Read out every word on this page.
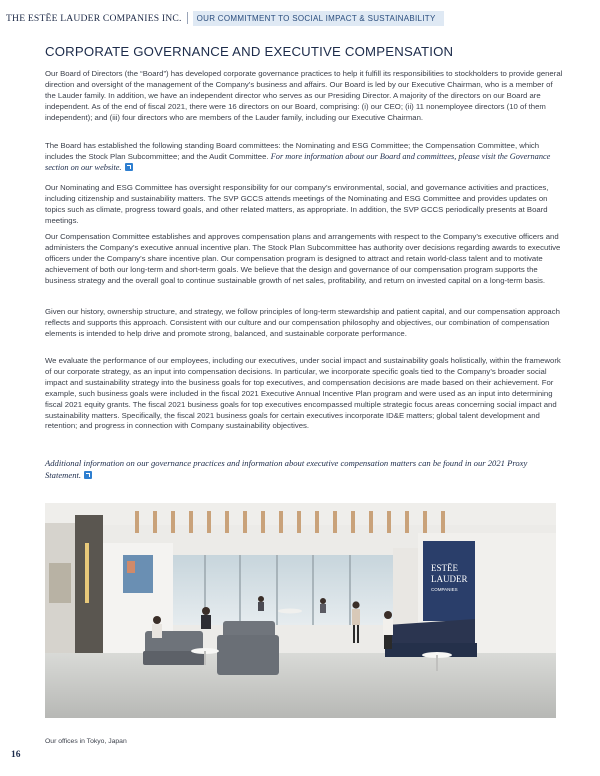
THE ESTĒE LAUDER COMPANIES INC.	OUR COMMITMENT TO SOCIAL IMPACT & SUSTAINABILITY
CORPORATE GOVERNANCE AND EXECUTIVE COMPENSATION

Our Board of Directors (the “Board”) has developed corporate governance practices to help it fulfill its responsibilities to stockholders to provide general direction and oversight of the management of the Company’s business and affairs. Our Board is led by our Executive Chairman, who is a member of the Lauder family. In addition, we have an independent director who serves as our Presiding Director. A majority of the directors on our Board are independent. As of the end of fiscal 2021, there were 16 directors on our Board, comprising: (i) our CEO; (ii) 11 nonemployee directors (10 of them independent); and (iii) four directors who are members of the Lauder family, including our Executive Chairman.

The Board has established the following standing Board committees: the Nominating and ESG Committee; the Compensation Committee, which includes the Stock Plan Subcommittee; and the Audit Committee. For more information about our Board and committees, please visit the Governance section on our website.

Our Nominating and ESG Committee has oversight responsibility for our company’s environmental, social, and governance activities and practices, including citizenship and sustainability matters. The SVP GCCS attends meetings of the Nominating and ESG Committee and provides updates on topics such as climate, progress toward goals, and other related matters, as appropriate. In addition, the SVP GCCS periodically presents at Board meetings.

Our Compensation Committee establishes and approves compensation plans and arrangements with respect to the Company’s executive officers and administers the Company’s executive annual incentive plan. The Stock Plan Subcommittee has authority over decisions regarding awards to executive officers under the Company’s share incentive plan. Our compensation program is designed to attract and retain world-class talent and to motivate achievement of both our long-term and short-term goals. We believe that the design and governance of our compensation program supports the business strategy and the overall goal to continue sustainable growth of net sales, profitability, and return on invested capital on a long-term basis.

Given our history, ownership structure, and strategy, we follow principles of long-term stewardship and patient capital, and our compensation approach reflects and supports this approach. Consistent with our culture and our compensation philosophy and objectives, our combination of compensation elements is intended to help drive and promote strong, balanced, and sustainable corporate performance.

We evaluate the performance of our employees, including our executives, under social impact and sustainability goals holistically, within the framework of our corporate strategy, as an input into compensation decisions. In particular, we incorporate specific goals tied to the Company’s broader social impact and sustainability strategy into the business goals for top executives, and compensation decisions are made based on their achievement. For example, such business goals were included in the fiscal 2021 Executive Annual Incentive Plan program and were used as an input into determining fiscal 2021 equity grants. The fiscal 2021 business goals for top executives encompassed multiple strategic focus areas concerning social impact and sustainability matters. Specifically, the fiscal 2021 business goals for certain executives incorporate ID&E matters; global talent development and retention; and progress in connection with Company sustainability objectives.

Additional information on our governance practices and information about executive compensation matters can be found in our 2021 Proxy Statement.

ESTĒE
LAUDER
COMPANIES
Our offices in Tokyo, Japan
16
